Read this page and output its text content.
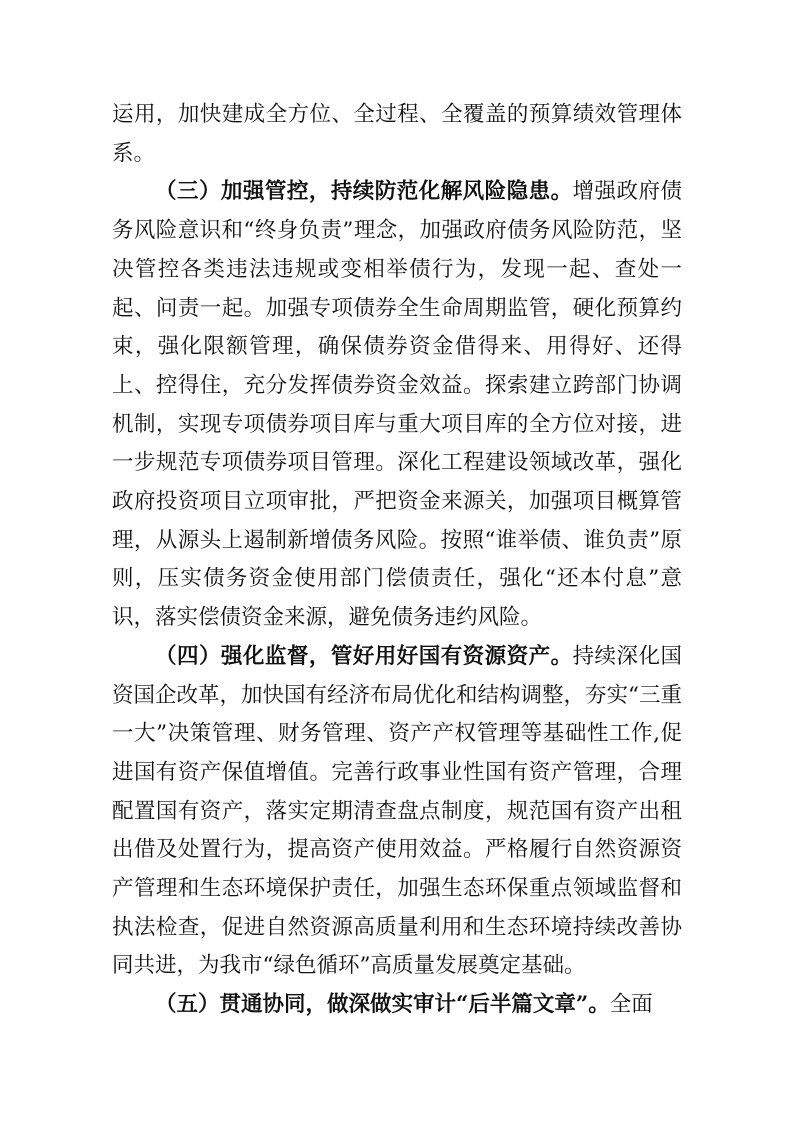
运用，加快建成全方位、全过程、全覆盖的预算绩效管理体系。

（三）加强管控，持续防范化解风险隐患。增强政府债务风险意识和“终身负责”理念，加强政府债务风险防范，坚决管控各类违法违规或变相举债行为，发现一起、查处一起、问责一起。加强专项债券全生命周期监管，硬化预算约束，强化限额管理，确保债券资金借得来、用得好、还得上、控得住，充分发挥债券资金效益。探索建立跨部门协调机制，实现专项债券项目库与重大项目库的全方位对接，进一步规范专项债券项目管理。深化工程建设领域改革，强化政府投资项目立项审批，严把资金来源关，加强项目概算管理，从源头上遏制新增债务风险。按照“谁举债、谁负责”原则，压实债务资金使用部门偿债责任，强化“还本付息”意识，落实偿债资金来源，避免债务违约风险。

（四）强化监督，管好用好国有资源资产。持续深化国资国企改革，加快国有经济布局优化和结构调整，夯实“三重一大”决策管理、财务管理、资产产权管理等基础性工作,促进国有资产保值增值。完善行政事业性国有资产管理，合理配置国有资产，落实定期清查盘点制度，规范国有资产出租出借及处置行为，提高资产使用效益。严格履行自然资源资产管理和生态环境保护责任，加强生态环保重点领域监督和执法检查，促进自然资源高质量利用和生态环境持续改善协同共进，为我市“绿色循环”高质量发展奠定基础。

（五）贯通协同，做深做实审计“后半篇文章”。全面
